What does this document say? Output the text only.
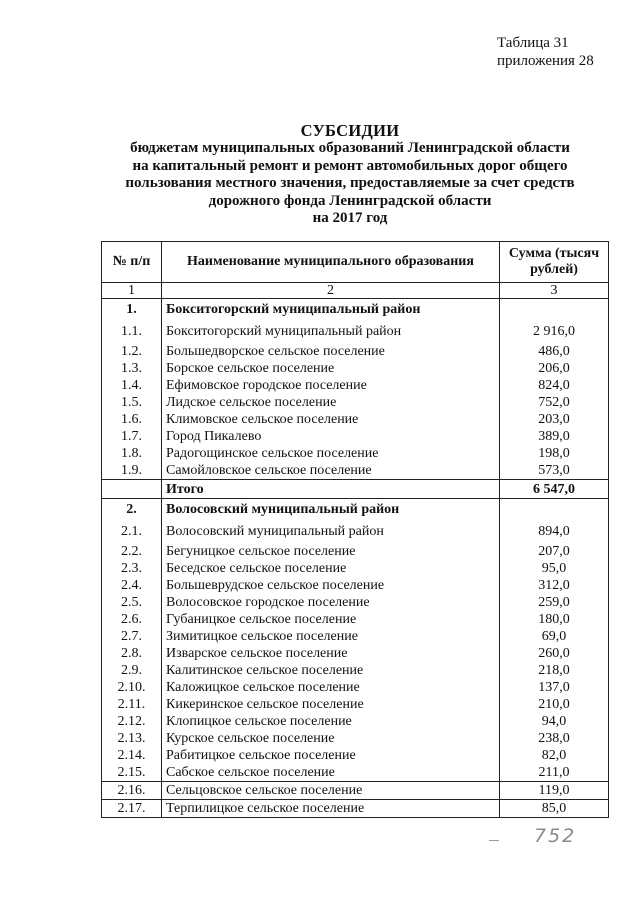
Таблица 31
приложения 28
СУБСИДИИ
бюджетам муниципальных образований Ленинградской области
на капитальный ремонт и ремонт автомобильных дорог общего
пользования местного значения, предоставляемые за счет средств
дорожного фонда Ленинградской области
на 2017 год
№ п/п	Наименование муниципального образования	Сумма (тысяч рублей)
1	2	3
1.	Бокситогорский муниципальный район	
1.1.	Бокситогорский муниципальный район	2 916,0
1.2.	Большедворское сельское поселение	486,0
1.3.	Борское сельское поселение	206,0
1.4.	Ефимовское городское поселение	824,0
1.5.	Лидское сельское поселение	752,0
1.6.	Климовское сельское поселение	203,0
1.7.	Город Пикалево	389,0
1.8.	Радогощинское сельское поселение	198,0
1.9.	Самойловское сельское поселение	573,0
	Итого	6 547,0
2.	Волосовский муниципальный район	
2.1.	Волосовский муниципальный район	894,0
2.2.	Бегуницкое сельское поселение	207,0
2.3.	Беседское сельское поселение	95,0
2.4.	Большеврудское сельское поселение	312,0
2.5.	Волосовское городское поселение	259,0
2.6.	Губаницкое сельское поселение	180,0
2.7.	Зимитицкое сельское поселение	69,0
2.8.	Изварское сельское поселение	260,0
2.9.	Калитинское сельское поселение	218,0
2.10.	Каложицкое сельское поселение	137,0
2.11.	Кикеринское сельское поселение	210,0
2.12.	Клопицкое сельское поселение	94,0
2.13.	Курское сельское поселение	238,0
2.14.	Рабитицкое сельское поселение	82,0
2.15.	Сабское сельское поселение	211,0
2.16.	Сельцовское сельское поселение	119,0
2.17.	Терпилицкое сельское поселение	85,0
752
